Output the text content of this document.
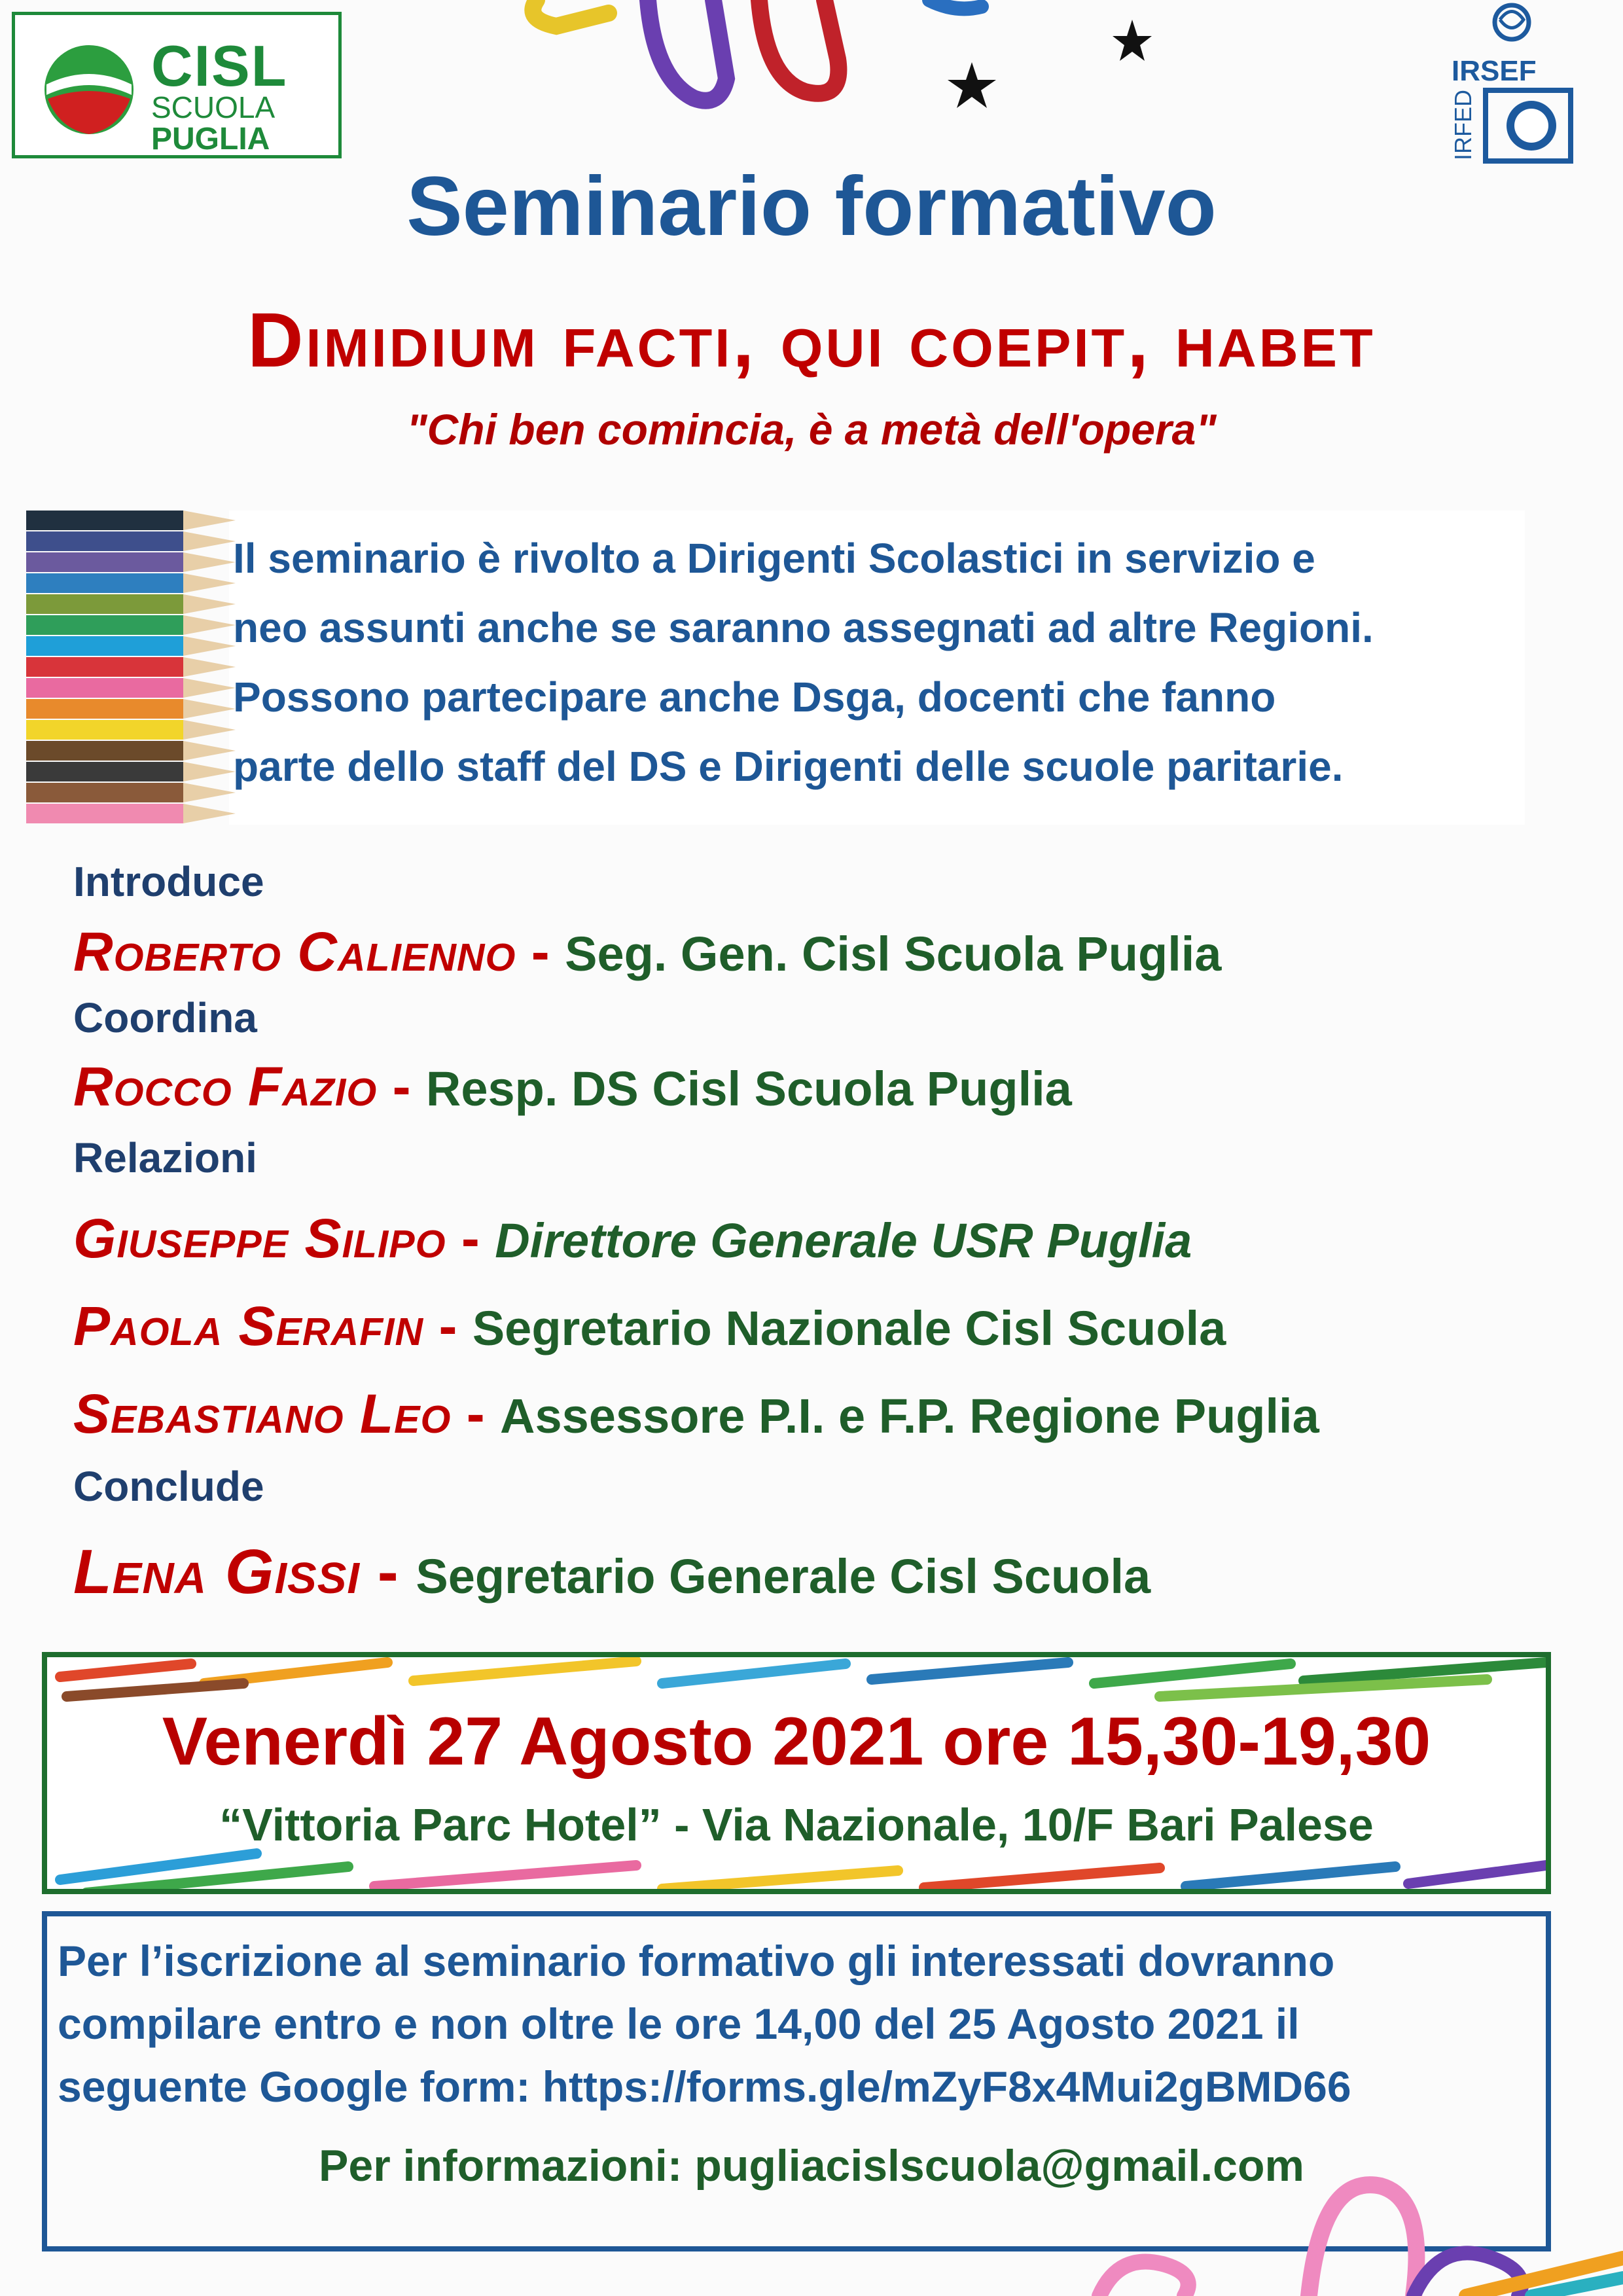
CISL
SCUOLA
PUGLIA
IRSEF
IRFED
Seminario formativo
Dimidium facti, qui coepit, habet
"Chi ben comincia, è a metà dell'opera"
Il seminario è rivolto a Dirigenti Scolastici in servizio e
neo assunti anche se saranno assegnati ad altre Regioni.
Possono partecipare anche Dsga, docenti che fanno
parte dello staff del DS e Dirigenti delle scuole paritarie.
Introduce
Roberto Calienno - Seg. Gen. Cisl Scuola Puglia
Coordina
Rocco Fazio - Resp. DS Cisl Scuola Puglia
Relazioni
Giuseppe Silipo - Direttore Generale USR Puglia
Paola Serafin - Segretario Nazionale Cisl Scuola
Sebastiano Leo - Assessore P.I. e F.P. Regione Puglia
Conclude
Lena Gissi - Segretario Generale Cisl Scuola
Venerdì 27 Agosto 2021 ore 15,30-19,30
“Vittoria Parc Hotel” - Via Nazionale, 10/F Bari Palese
Per l’iscrizione al seminario formativo gli interessati dovranno
compilare entro e non oltre le ore 14,00 del 25 Agosto 2021 il
seguente Google form: https://forms.gle/mZyF8x4Mui2gBMD66
Per informazioni: pugliacislscuola@gmail.com
